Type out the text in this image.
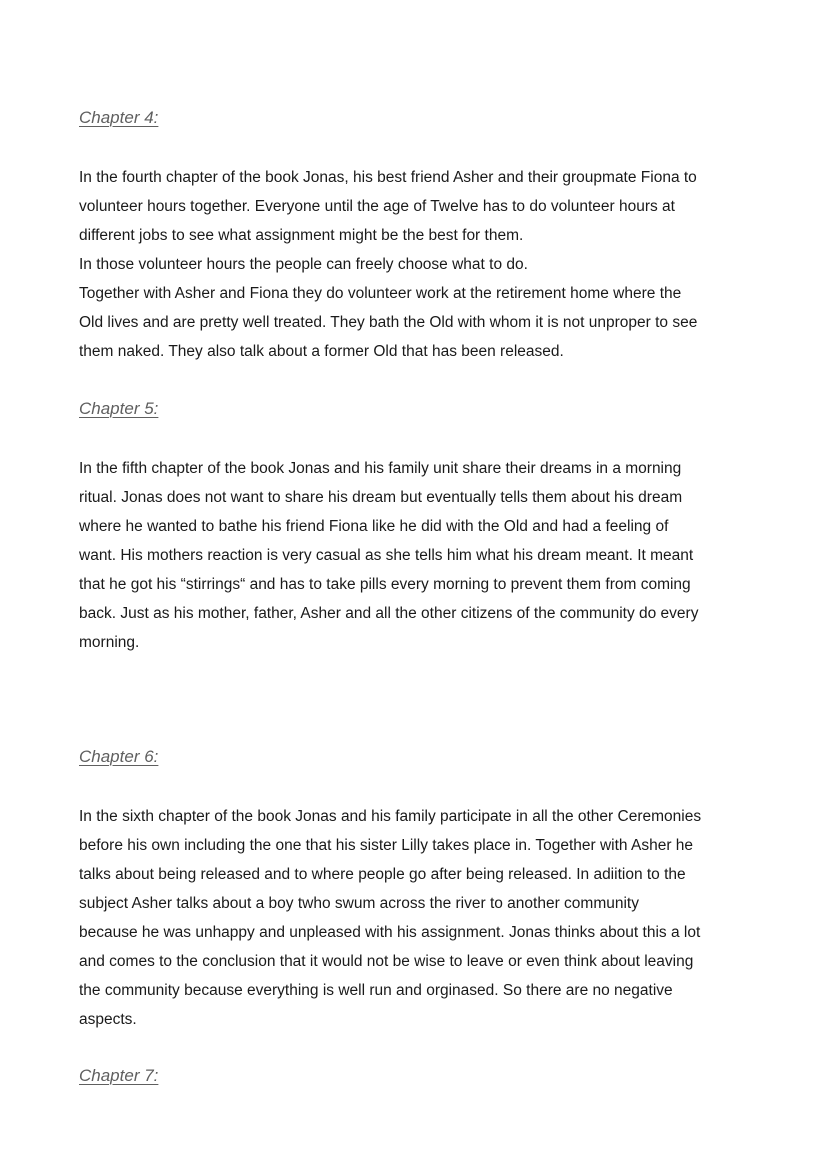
Chapter 4:

In the fourth chapter of the book Jonas, his best friend Asher and their groupmate Fiona to
volunteer hours together. Everyone until the age of Twelve has to do volunteer hours at
different jobs to see what assignment might be the best for them.
In those volunteer hours the people can freely choose what to do.
Together with Asher and Fiona they do volunteer work at the retirement home where the
Old lives and are pretty well treated. They bath the Old with whom it is not unproper to see
them naked. They also talk about a former Old that has been released.

Chapter 5:

In the fifth chapter of the book Jonas and his family unit share their dreams in a morning
ritual. Jonas does not want to share his dream but eventually tells them about his dream
where he wanted to bathe his friend Fiona like he did with the Old and had a feeling of
want. His mothers reaction is very casual as she tells him what his dream meant. It meant
that he got his “stirrings“ and has to take pills every morning to prevent them from coming
back. Just as his mother, father, Asher and all the other citizens of the community do every
morning.

Chapter 6:

In the sixth chapter of the book Jonas and his family participate in all the other Ceremonies
before his own including the one that his sister Lilly takes place in. Together with Asher he
talks about being released and to where people go after being released. In adiition to the
subject Asher talks about a boy twho swum across the river to another community
because he was unhappy and unpleased with his assignment. Jonas thinks about this a lot
and comes to the conclusion that it would not be wise to leave or even think about leaving
the community because everything is well run and orginased. So there are no negative
aspects.

Chapter 7:
